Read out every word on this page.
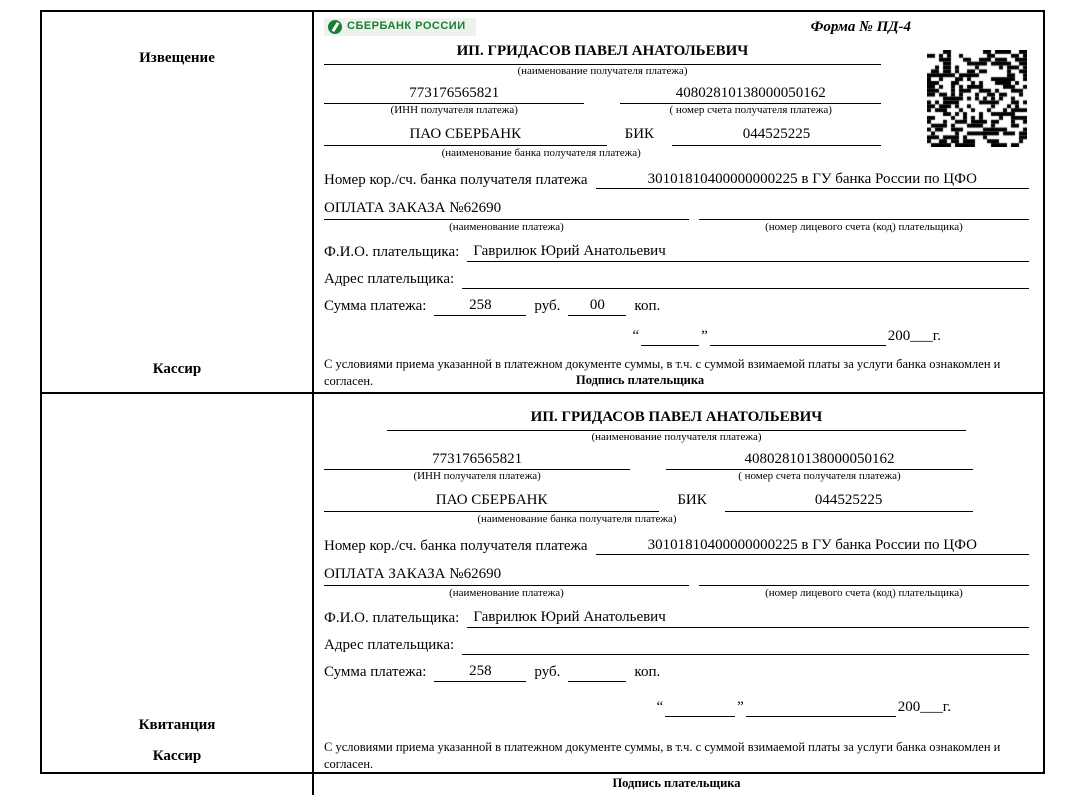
Извещение
Кассир
СБЕРБАНК РОССИИ	Форма № ПД-4
ИП. ГРИДАСОВ ПАВЕЛ АНАТОЛЬЕВИЧ
(наименование получателя платежа)
773176565821
(ИНН получателя платежа)
40802810138000050162
( номер счета получателя платежа)
ПАО СБЕРБАНК	БИК	044525225
(наименование банка получателя платежа)
Номер кор./сч. банка получателя платежа	30101810400000000225 в ГУ банка России по ЦФО
ОПЛАТА ЗАКАЗА №62690
(наименование платежа)	(номер лицевого счета (код) плательщика)
Ф.И.О. плательщика: Гаврилюк Юрий Анатольевич
Адрес плательщика:
Сумма платежа:	258	руб.	00	коп.
“	”	200___г.
С условиями приема указанной в платежном документе суммы, в т.ч. с суммой взимаемой платы за услуги банка ознакомлен и согласен.	Подпись плательщика
Квитанция
Кассир
ИП. ГРИДАСОВ ПАВЕЛ АНАТОЛЬЕВИЧ
(наименование получателя платежа)
773176565821
(ИНН получателя платежа)
40802810138000050162
( номер счета получателя платежа)
ПАО СБЕРБАНК	БИК	044525225
(наименование банка получателя платежа)
Номер кор./сч. банка получателя платежа	30101810400000000225 в ГУ банка России по ЦФО
ОПЛАТА ЗАКАЗА №62690
(наименование платежа)	(номер лицевого счета (код) плательщика)
Ф.И.О. плательщика: Гаврилюк Юрий Анатольевич
Адрес плательщика:
Сумма платежа:	258	руб.	коп.
“	”	200___г.
С условиями приема указанной в платежном документе суммы, в т.ч. с суммой взимаемой платы за услуги банка ознакомлен и согласен.
Подпись плательщика
